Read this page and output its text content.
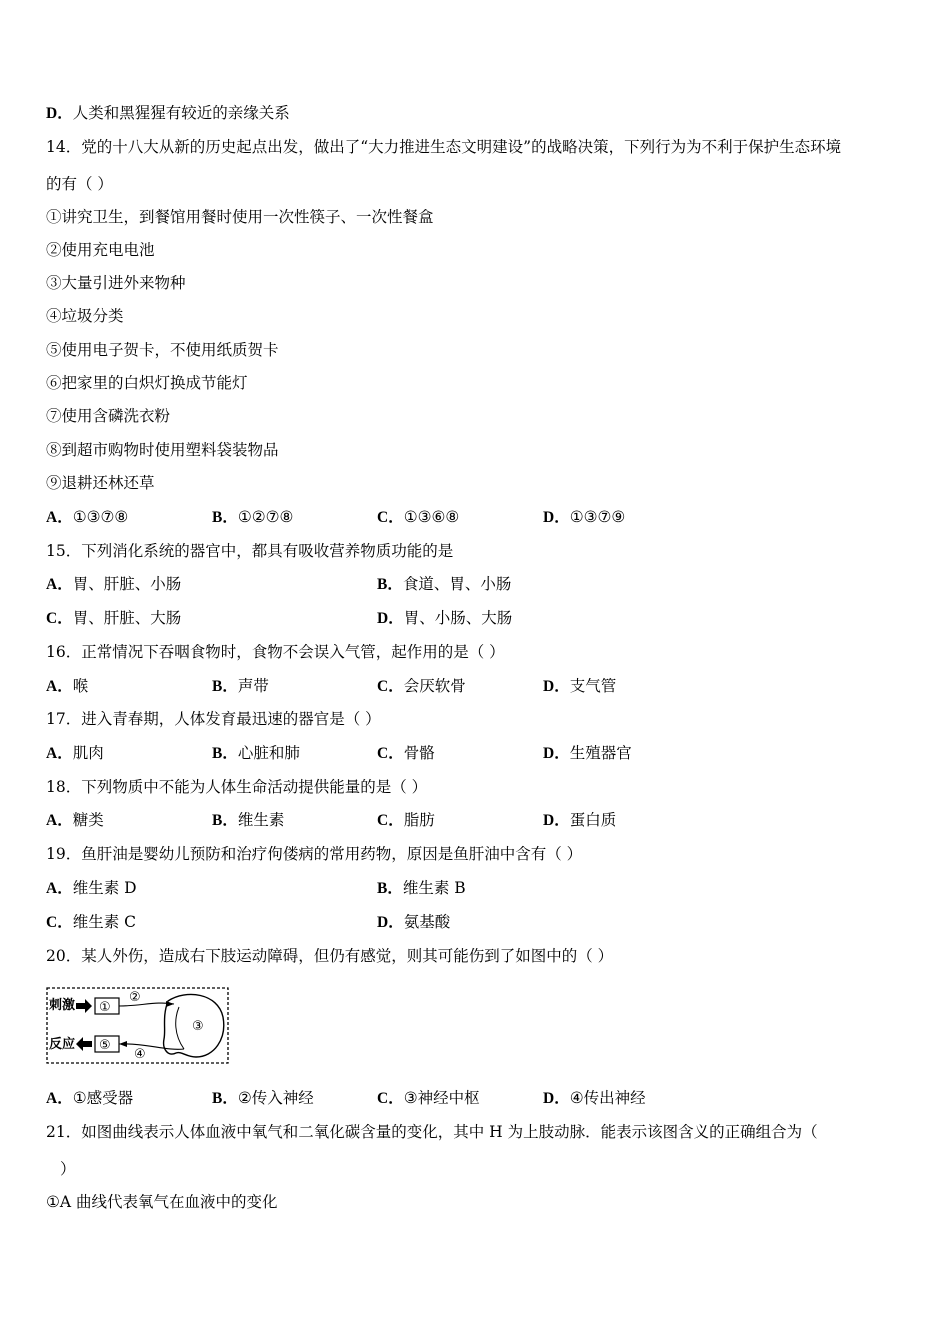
D．人类和黑猩猩有较近的亲缘关系
14．党的十八大从新的历史起点出发，做出了“大力推进生态文明建设”的战略决策，下列行为为不利于保护生态环境
的有（ ）
①讲究卫生，到餐馆用餐时使用一次性筷子、一次性餐盒
②使用充电电池
③大量引进外来物种
④垃圾分类
⑤使用电子贺卡，不使用纸质贺卡
⑥把家里的白炽灯换成节能灯
⑦使用含磷洗衣粉
⑧到超市购物时使用塑料袋装物品
⑨退耕还林还草
A．①③⑦⑧	B．①②⑦⑧	C．①③⑥⑧	D．①③⑦⑨
15．下列消化系统的器官中，都具有吸收营养物质功能的是
A．胃、肝脏、小肠	B．食道、胃、小肠
C．胃、肝脏、大肠	D．胃、小肠、大肠
16．正常情况下吞咽食物时，食物不会误入气管，起作用的是（ ）
A．喉	B．声带	C．会厌软骨	D．支气管
17．进入青春期，人体发育最迅速的器官是（ ）
A．肌肉	B．心脏和肺	C．骨骼	D．生殖器官
18．下列物质中不能为人体生命活动提供能量的是（ ）
A．糖类	B．维生素	C．脂肪	D．蛋白质
19．鱼肝油是婴幼儿预防和治疗佝偻病的常用药物，原因是鱼肝油中含有（ ）
A．维生素 D	B．维生素 B
C．维生素 C	D．氨基酸
20．某人外伤，造成右下肢运动障碍，但仍有感觉，则其可能伤到了如图中的（ ）
刺激 ①
②
③
④
⑤
反应
A．①感受器	B．②传入神经	C．③神经中枢	D．④传出神经
21．如图曲线表示人体血液中氧气和二氧化碳含量的变化，其中 H 为上肢动脉．能表示该图含义的正确组合为（
）
①A 曲线代表氧气在血液中的变化
